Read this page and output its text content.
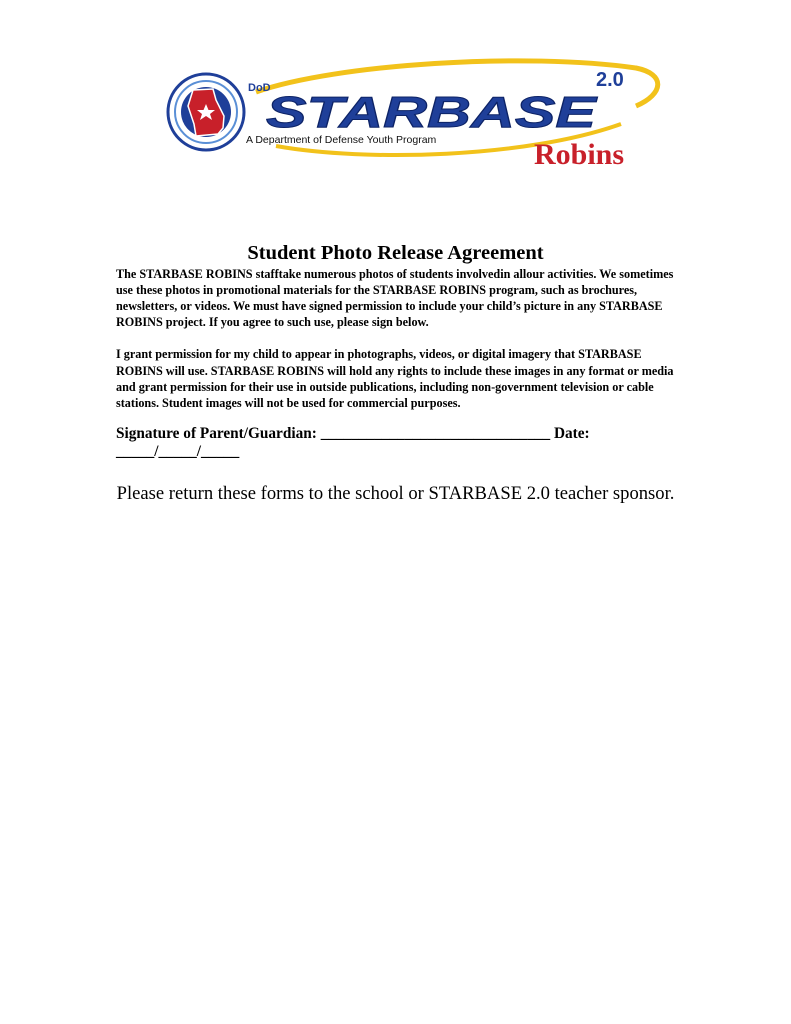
DoD
STARBASE
2.0
A Department of Defense Youth Program	Robins
Student Photo Release Agreement

The STARBASE ROBINS stafftake numerous photos of students involvedin allour activities. We sometimes use these photos in promotional materials for the STARBASE ROBINS program, such as brochures, newsletters, or videos. We must have signed permission to include your child’s picture in any STARBASE ROBINS project. If you agree to such use, please sign below.

I grant permission for my child to appear in photographs, videos, or digital imagery that STARBASE
ROBINS will use. STARBASE ROBINS will hold any rights to include these images in any format or media and grant permission for their use in outside publications, including non-government television or cable stations. Student images will not be used for commercial purposes.

Signature of Parent/Guardian: ______________________________ Date:
_____/_____/_____

Please return these forms to the school or STARBASE 2.0 teacher sponsor.
